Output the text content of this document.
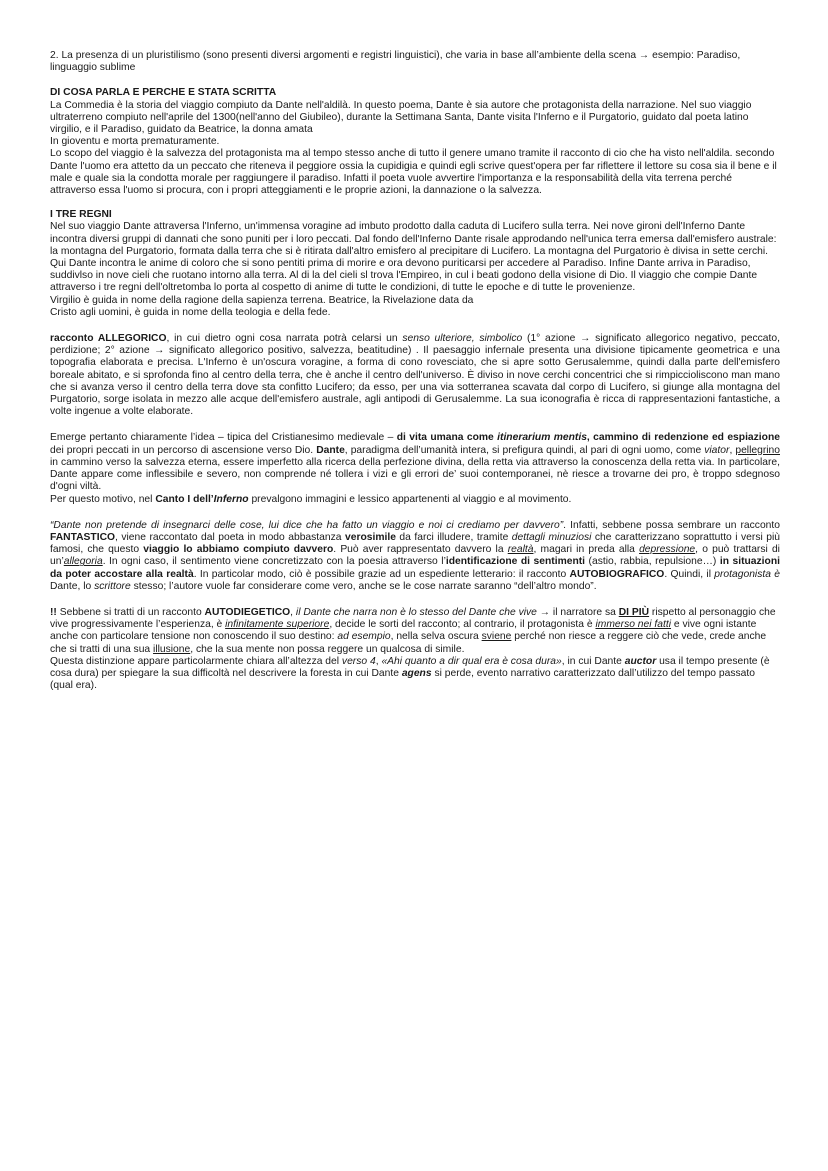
2. La presenza di un pluristilismo (sono presenti diversi argomenti e registri linguistici), che varia in base all’ambiente della scena → esempio: Paradiso, linguaggio sublime

DI COSA PARLA E PERCHE E STATA SCRITTA

La Commedia è la storia del viaggio compiuto da Dante nell'aldilà. In questo poema, Dante è sia autore che protagonista della narrazione. Nel suo viaggio ultraterreno compiuto nell'aprile del 1300(nell'anno del Giubileo), durante la Settimana Santa, Dante visita l'Inferno e il Purgatorio, guidato dal poeta latino virgilio, e il Paradiso, guidato da Beatrice, la donna amata

In gioventu e morta prematuramente.

Lo scopo del viaggio è la salvezza del protagonista ma al tempo stesso anche di tutto il genere umano tramite il racconto di cio che ha visto nell'aldila. secondo Dante l'uomo era attetto da un peccato che riteneva il peggiore ossia la cupidigia e quindi egli scrive quest'opera per far riflettere il lettore su cosa sia il bene e il male e quale sia la condotta morale per raggiungere il paradiso. Infatti il poeta vuole avvertire l'importanza e la responsabilità della vita terrena perché attraverso essa l'uomo si procura, con i propri atteggiamenti e le proprie azioni, la dannazione o la salvezza.

I TRE REGNI

Nel suo viaggio Dante attraversa l'Inferno, un'immensa voragine ad imbuto prodotto dalla caduta di Lucifero sulla terra. Nei nove gironi dell'Inferno Dante incontra diversi gruppi di dannati che sono puniti per i loro peccati. Dal fondo dell'Inferno Dante risale approdando nell'unica terra emersa dall'emisfero australe: la montagna del Purgatorio, formata dalla terra che si è ritirata dall'altro emisfero al precipitare di Lucifero. La montagna del Purgatorio è divisa in sette cerchi. Qui Dante incontra le anime di coloro che si sono pentiti prima di morire e ora devono puriticarsi per accedere al Paradiso. Infine Dante arriva in Paradiso, suddivlso in nove cieli che ruotano intorno alla terra. Al di la del cieli sl trova l'Empireo, in cul i beati godono della visione di Dio. Il viaggio che compie Dante attraverso i tre regni dell'oltretomba lo porta al cospetto di anime di tutte le condizioni, di tutte le epoche e di tutte le provenienze.

Virgilio è guida in nome della ragione della sapienza terrena. Beatrice, la Rivelazione data da

Cristo agli uomini, è guida in nome della teologia e della fede.

racconto ALLEGORICO, in cui dietro ogni cosa narrata potrà celarsi un senso ulteriore, simbolico (1° azione → significato allegorico negativo, peccato, perdizione; 2° azione → significato allegorico positivo, salvezza, beatitudine) . Il paesaggio infernale presenta una divisione tipicamente geometrica e una topografia elaborata e precisa. L'Inferno è un'oscura voragine, a forma di cono rovesciato, che si apre sotto Gerusalemme, quindi dalla parte dell'emisfero boreale abitato, e si sprofonda fino al centro della terra, che è anche il centro dell'universo. È diviso in nove cerchi concentrici che si rimpiccioliscono man mano che si avanza verso il centro della terra dove sta confitto Lucifero; da esso, per una via sotterranea scavata dal corpo di Lucifero, si giunge alla montagna del Purgatorio, sorge isolata in mezzo alle acque dell'emisfero australe, agli antipodi di Gerusalemme. La sua iconografia è ricca di rappresentazioni fantastiche, a volte ingenue a volte elaborate.

Emerge pertanto chiaramente l’idea – tipica del Cristianesimo medievale – di vita umana come itinerarium mentis, cammino di redenzione ed espiazione dei propri peccati in un percorso di ascensione verso Dio. Dante, paradigma dell’umanità intera, si prefigura quindi, al pari di ogni uomo, come viator, pellegrino in cammino verso la salvezza eterna, essere imperfetto alla ricerca della perfezione divina, della retta via attraverso la conoscenza della retta via. In particolare, Dante appare come inflessibile e severo, non comprende né tollera i vizi e gli errori de’ suoi contemporanei, nè riesce a trovarne dei pro, è troppo sdegnoso d'ogni viltà.

Per questo motivo, nel Canto I dell’Inferno prevalgono immagini e lessico appartenenti al viaggio e al movimento.

“Dante non pretende di insegnarci delle cose, lui dice che ha fatto un viaggio e noi ci crediamo per davvero”. Infatti, sebbene possa sembrare un racconto FANTASTICO, viene raccontato dal poeta in modo abbastanza verosimile da farci illudere, tramite dettagli minuziosi che caratterizzano soprattutto i versi più famosi, che questo viaggio lo abbiamo compiuto davvero. Può aver rappresentato davvero la realtà, magari in preda alla depressione, o può trattarsi di un’allegoria. In ogni caso, il sentimento viene concretizzato con la poesia attraverso l’identificazione di sentimenti (astio, rabbia, repulsione…) in situazioni da poter accostare alla realtà. In particolar modo, ciò è possibile grazie ad un espediente letterario: il racconto AUTOBIOGRAFICO. Quindi, il protagonista è Dante, lo scrittore stesso; l’autore vuole far considerare come vero, anche se le cose narrate saranno “dell’altro mondo”.

!! Sebbene si tratti di un racconto AUTODIEGETICO, il Dante che narra non è lo stesso del Dante che vive → il narratore sa DI PIÙ rispetto al personaggio che vive progressivamente l’esperienza, è infinitamente superiore, decide le sorti del racconto; al contrario, il protagonista è immerso nei fatti e vive ogni istante anche con particolare tensione non conoscendo il suo destino: ad esempio, nella selva oscura sviene perché non riesce a reggere ciò che vede, crede anche che si tratti di una sua illusione, che la sua mente non possa reggere un qualcosa di simile.

Questa distinzione appare particolarmente chiara all’altezza del verso 4, «Ahi quanto a dir qual era è cosa dura», in cui Dante auctor usa il tempo presente (è cosa dura) per spiegare la sua difficoltà nel descrivere la foresta in cui Dante agens si perde, evento narrativo caratterizzato dall’utilizzo del tempo passato (qual era).
